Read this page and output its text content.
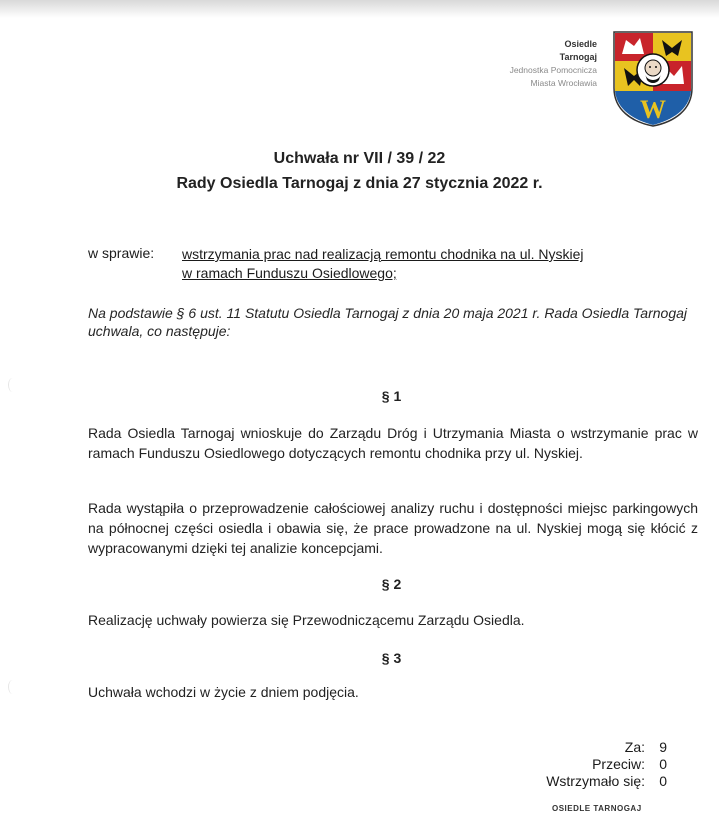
Osiedle
Tarnogaj
Jednostka Pomocnicza
Miasta Wrocławia
W
Uchwała nr VII / 39 / 22
Rady Osiedla Tarnogaj z dnia 27 stycznia 2022 r.
w sprawie: wstrzymania prac nad realizacją remontu chodnika na ul. Nyskiej
w ramach Funduszu Osiedlowego;
Na podstawie § 6 ust. 11 Statutu Osiedla Tarnogaj z dnia 20 maja 2021 r. Rada Osiedla Tarnogaj uchwala, co następuje:
§ 1
Rada Osiedla Tarnogaj wnioskuje do Zarządu Dróg i Utrzymania Miasta o wstrzymanie prac w ramach Funduszu Osiedlowego dotyczących remontu chodnika przy ul. Nyskiej.
Rada wystąpiła o przeprowadzenie całościowej analizy ruchu i dostępności miejsc parkingowych na północnej części osiedla i obawia się, że prace prowadzone na ul. Nyskiej mogą się kłócić z wypracowanymi dzięki tej analizie koncepcjami.
§ 2
Realizację uchwały powierza się Przewodniczącemu Zarządu Osiedla.
§ 3
Uchwała wchodzi w życie z dniem podjęcia.
Za:	9
Przeciw:	0
Wstrzymało się:	0
OSIEDLE TARNOGAJ
